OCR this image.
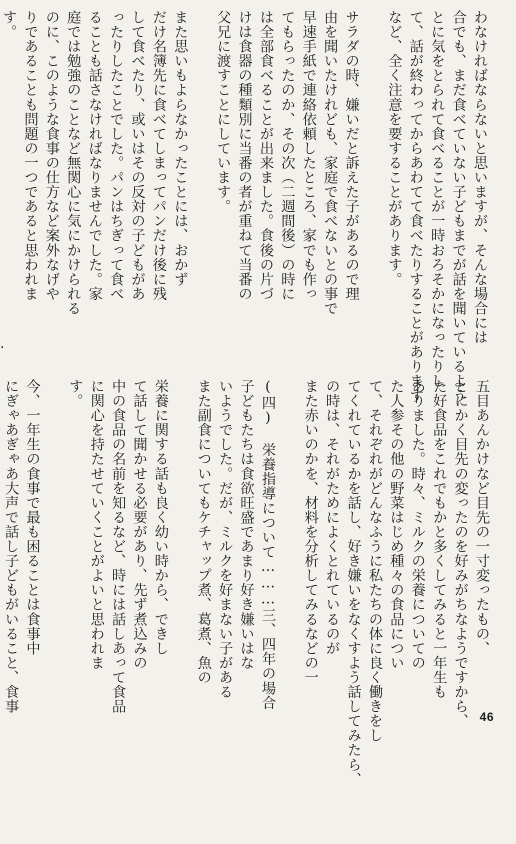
わなければならないと思いますが、そんな場合には
合でも、まだ食べていない子どもまでが話を聞いているよう
とに気をとられて食べることが一時おろそかになったりし
て、話が終わってからあわてて食べたりすることがあります
など、全く注意を要することがあります。

サラダの時、嫌いだと訴えた子があるので理
由を聞いたけれども、家庭で食べないとの事で
早速手紙で連絡依頼したところ、家でも作っ
てもらったのか、その次（二週間後）の時に
は全部食べることが出来ました。食後の片づ
けは食器の種類別に当番の者が重ねて当番の
父兄に渡すことにしています。

また思いもよらなかったことには、おかず
だけ名簿先に食べてしまってパンだけ後に残
して食べたり、或いはその反対の子どもがあ
ったりしたことでした。パンはちぎって食べ
ることも話さなければなりませんでした。家
庭では勉強のことなど無関心に気にかけられる
のに、このような食事の仕方など案外なげや
りであることも問題の一つであると思われま
す。

五目あんかけなど目先の一寸変ったもの、
とにかく目先の変ったのを好みがちなようですから、
た好食品をこれでもかと多くしてみると一年生も
ありました。時々、ミルクの栄養についての
た人参その他の野菜はじめ種々の食品につい
て、それぞれがどんなふうに私たちの体に良く働きをし
てくれているかを話し、好き嫌いをなくすよう話してみたら、
の時は、それがためによくとれているのが
また赤いのかを、材料を分析してみるなどの一

(四) 栄養指導について………三、四年の場合
子どもたちは食欲旺盛であまり好き嫌いはな
いようでした。だが、ミルクを好まない子がある
また副食についてもケチャップ煮、葛煮、魚の

栄養に関する話も良く幼い時から、できし
て話して聞かせる必要があり、先ず煮込みの
中の食品の名前を知るなど、時には話しあって食品
に関心を持たせていくことがよいと思われま
す。

今、一年生の食事で最も困ることは食事中
にぎゃあぎゃあ大声で話し子どもがいること、食事

·
46
